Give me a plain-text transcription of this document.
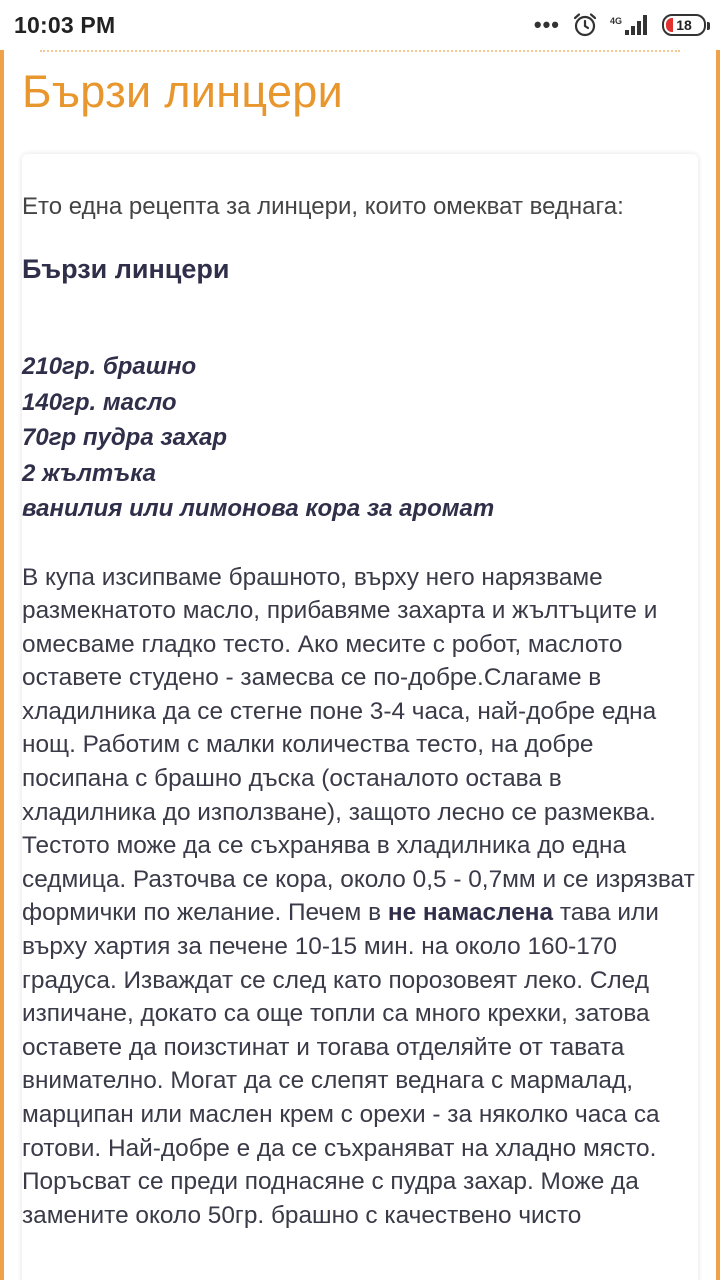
10:03 PM	•••	4G	18
Бързи линцери

Ето една рецепта за линцери, които омекват веднага:

Бързи линцери
210гр. брашно
140гр. масло
70гр пудра захар
2 жълтъка
ванилия или лимонова кора за аромат

В купа изсипваме брашното, върху него нарязваме размекнатото масло, прибавяме захарта и жълтъците и омесваме гладко тесто. Ако месите с робот, маслото оставете студено - замесва се по-добре.Слагаме в хладилника да се стегне поне 3-4 часа, най-добре една нощ. Работим с малки количества тесто, на добре посипана с брашно дъска (останалото остава в хладилника до използване), защото лесно се размеква. Тестото може да се съхранява в хладилника до една седмица. Разточва се кора, около 0,5 - 0,7мм и се изрязват формички по желание. Печем в не намаслена тава или върху хартия за печене 10-15 мин. на около 160-170 градуса. Изваждат се след като порозовеят леко. След изпичане, докато са още топли са много крехки, затова оставете да поизстинат и тогава отделяйте от тавата внимателно. Могат да се слепят веднага с мармалад, марципан или маслен крем с орехи - за няколко часа са готови. Най-добре е да се съхраняват на хладно място. Поръсват се преди поднасяне с пудра захар. Може да замените около 50гр. брашно с качествено чисто
